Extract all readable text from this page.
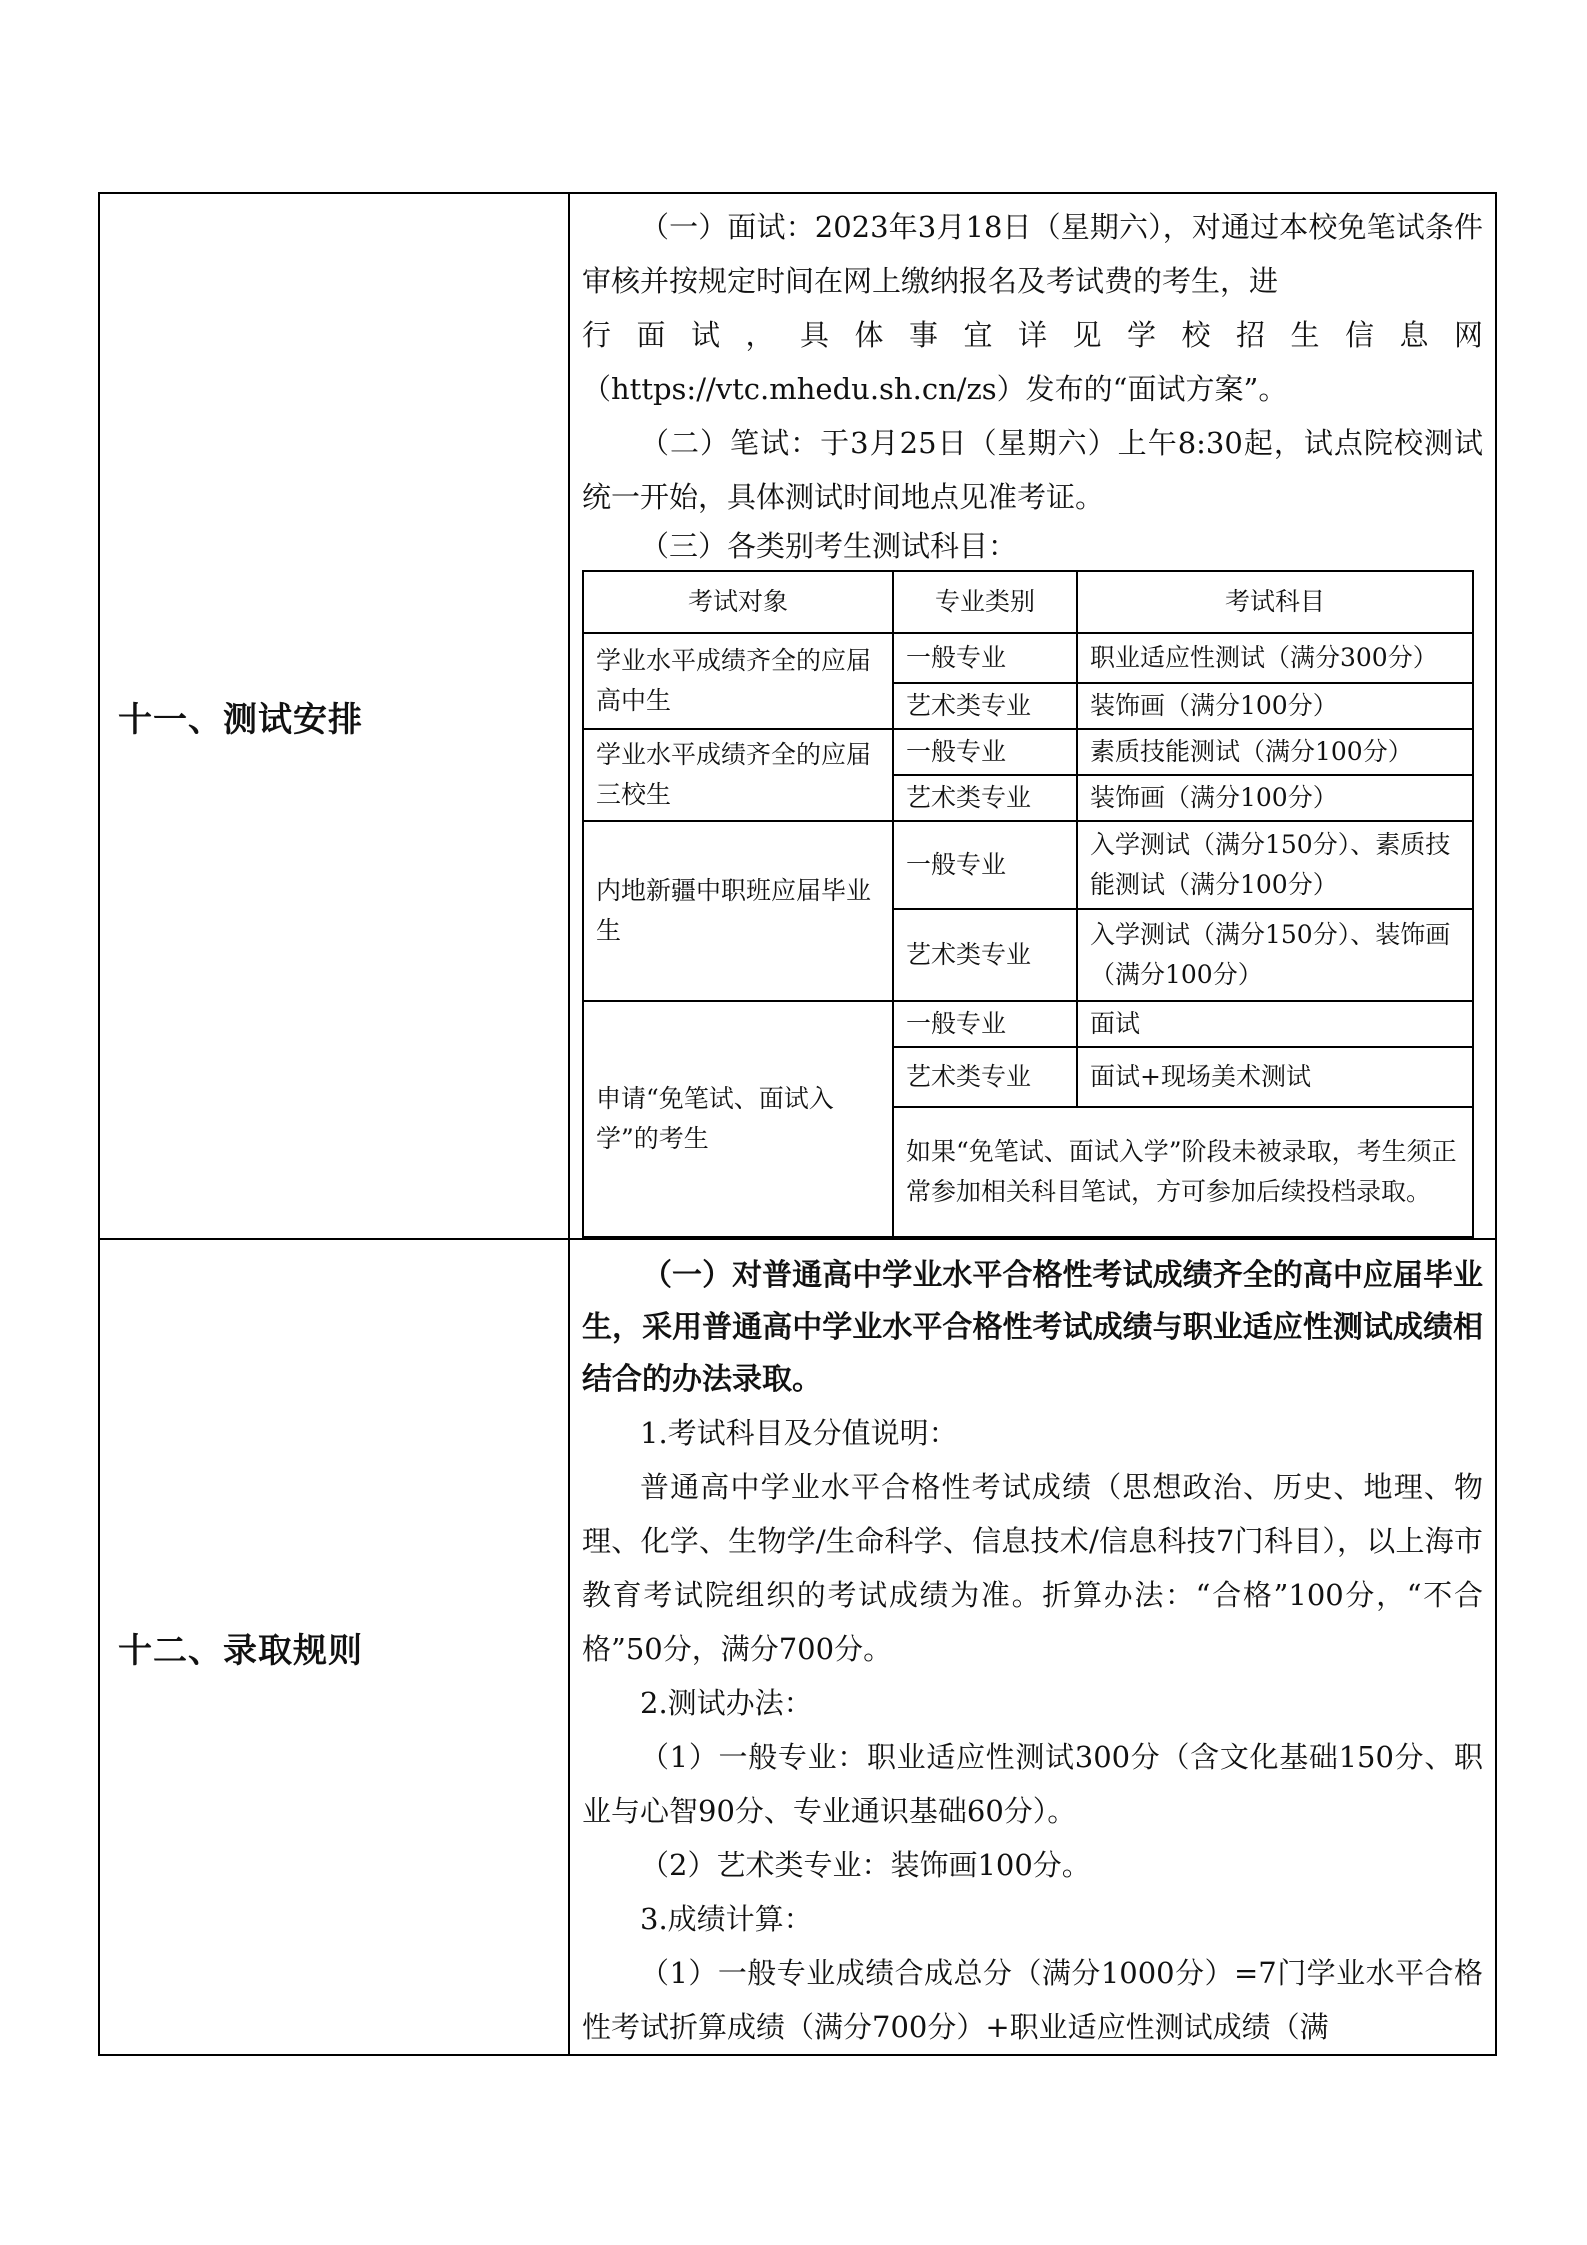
十一、测试安排	

（一）面试：2023年3月18日（星期六），对通过本校免笔试条件审核并按规定时间在网上缴纳报名及考试费的考生，进

行面试，具体事宜详见学校招生信息网

（https://vtc.mhedu.sh.cn/zs）发布的“面试方案”。

（二）笔试：于3月25日（星期六）上午8:30起，试点院校测试统一开始，具体测试时间地点见准考证。

（三）各类别考生测试科目：

考试对象	专业类别	考试科目
学业水平成绩齐全的应届高中生	一般专业	职业适应性测试（满分300分）
艺术类专业	装饰画（满分100分）
学业水平成绩齐全的应届三校生	一般专业	素质技能测试（满分100分）
艺术类专业	装饰画（满分100分）
内地新疆中职班应届毕业生	一般专业	入学测试（满分150分）、素质技能测试（满分100分）
艺术类专业	入学测试（满分150分）、装饰画（满分100分）
申请“免笔试、面试入学”的考生	一般专业	面试
艺术类专业	面试+现场美术测试
如果“免笔试、面试入学”阶段未被录取，考生须正常参加相关科目笔试，方可参加后续投档录取。

十二、录取规则	

（一）对普通高中学业水平合格性考试成绩齐全的高中应届毕业生，采用普通高中学业水平合格性考试成绩与职业适应性测试成绩相结合的办法录取。

1.考试科目及分值说明：

普通高中学业水平合格性考试成绩（思想政治、历史、地理、物理、化学、生物学/生命科学、信息技术/信息科技7门科目），以上海市教育考试院组织的考试成绩为准。折算办法：“合格”100分，“不合格”50分，满分700分。

2.测试办法：

（1）一般专业：职业适应性测试300分（含文化基础150分、职业与心智90分、专业通识基础60分）。

（2）艺术类专业：装饰画100分。

3.成绩计算：

（1）一般专业成绩合成总分（满分1000分）=7门学业水平合格性考试折算成绩（满分700分）+职业适应性测试成绩（满
